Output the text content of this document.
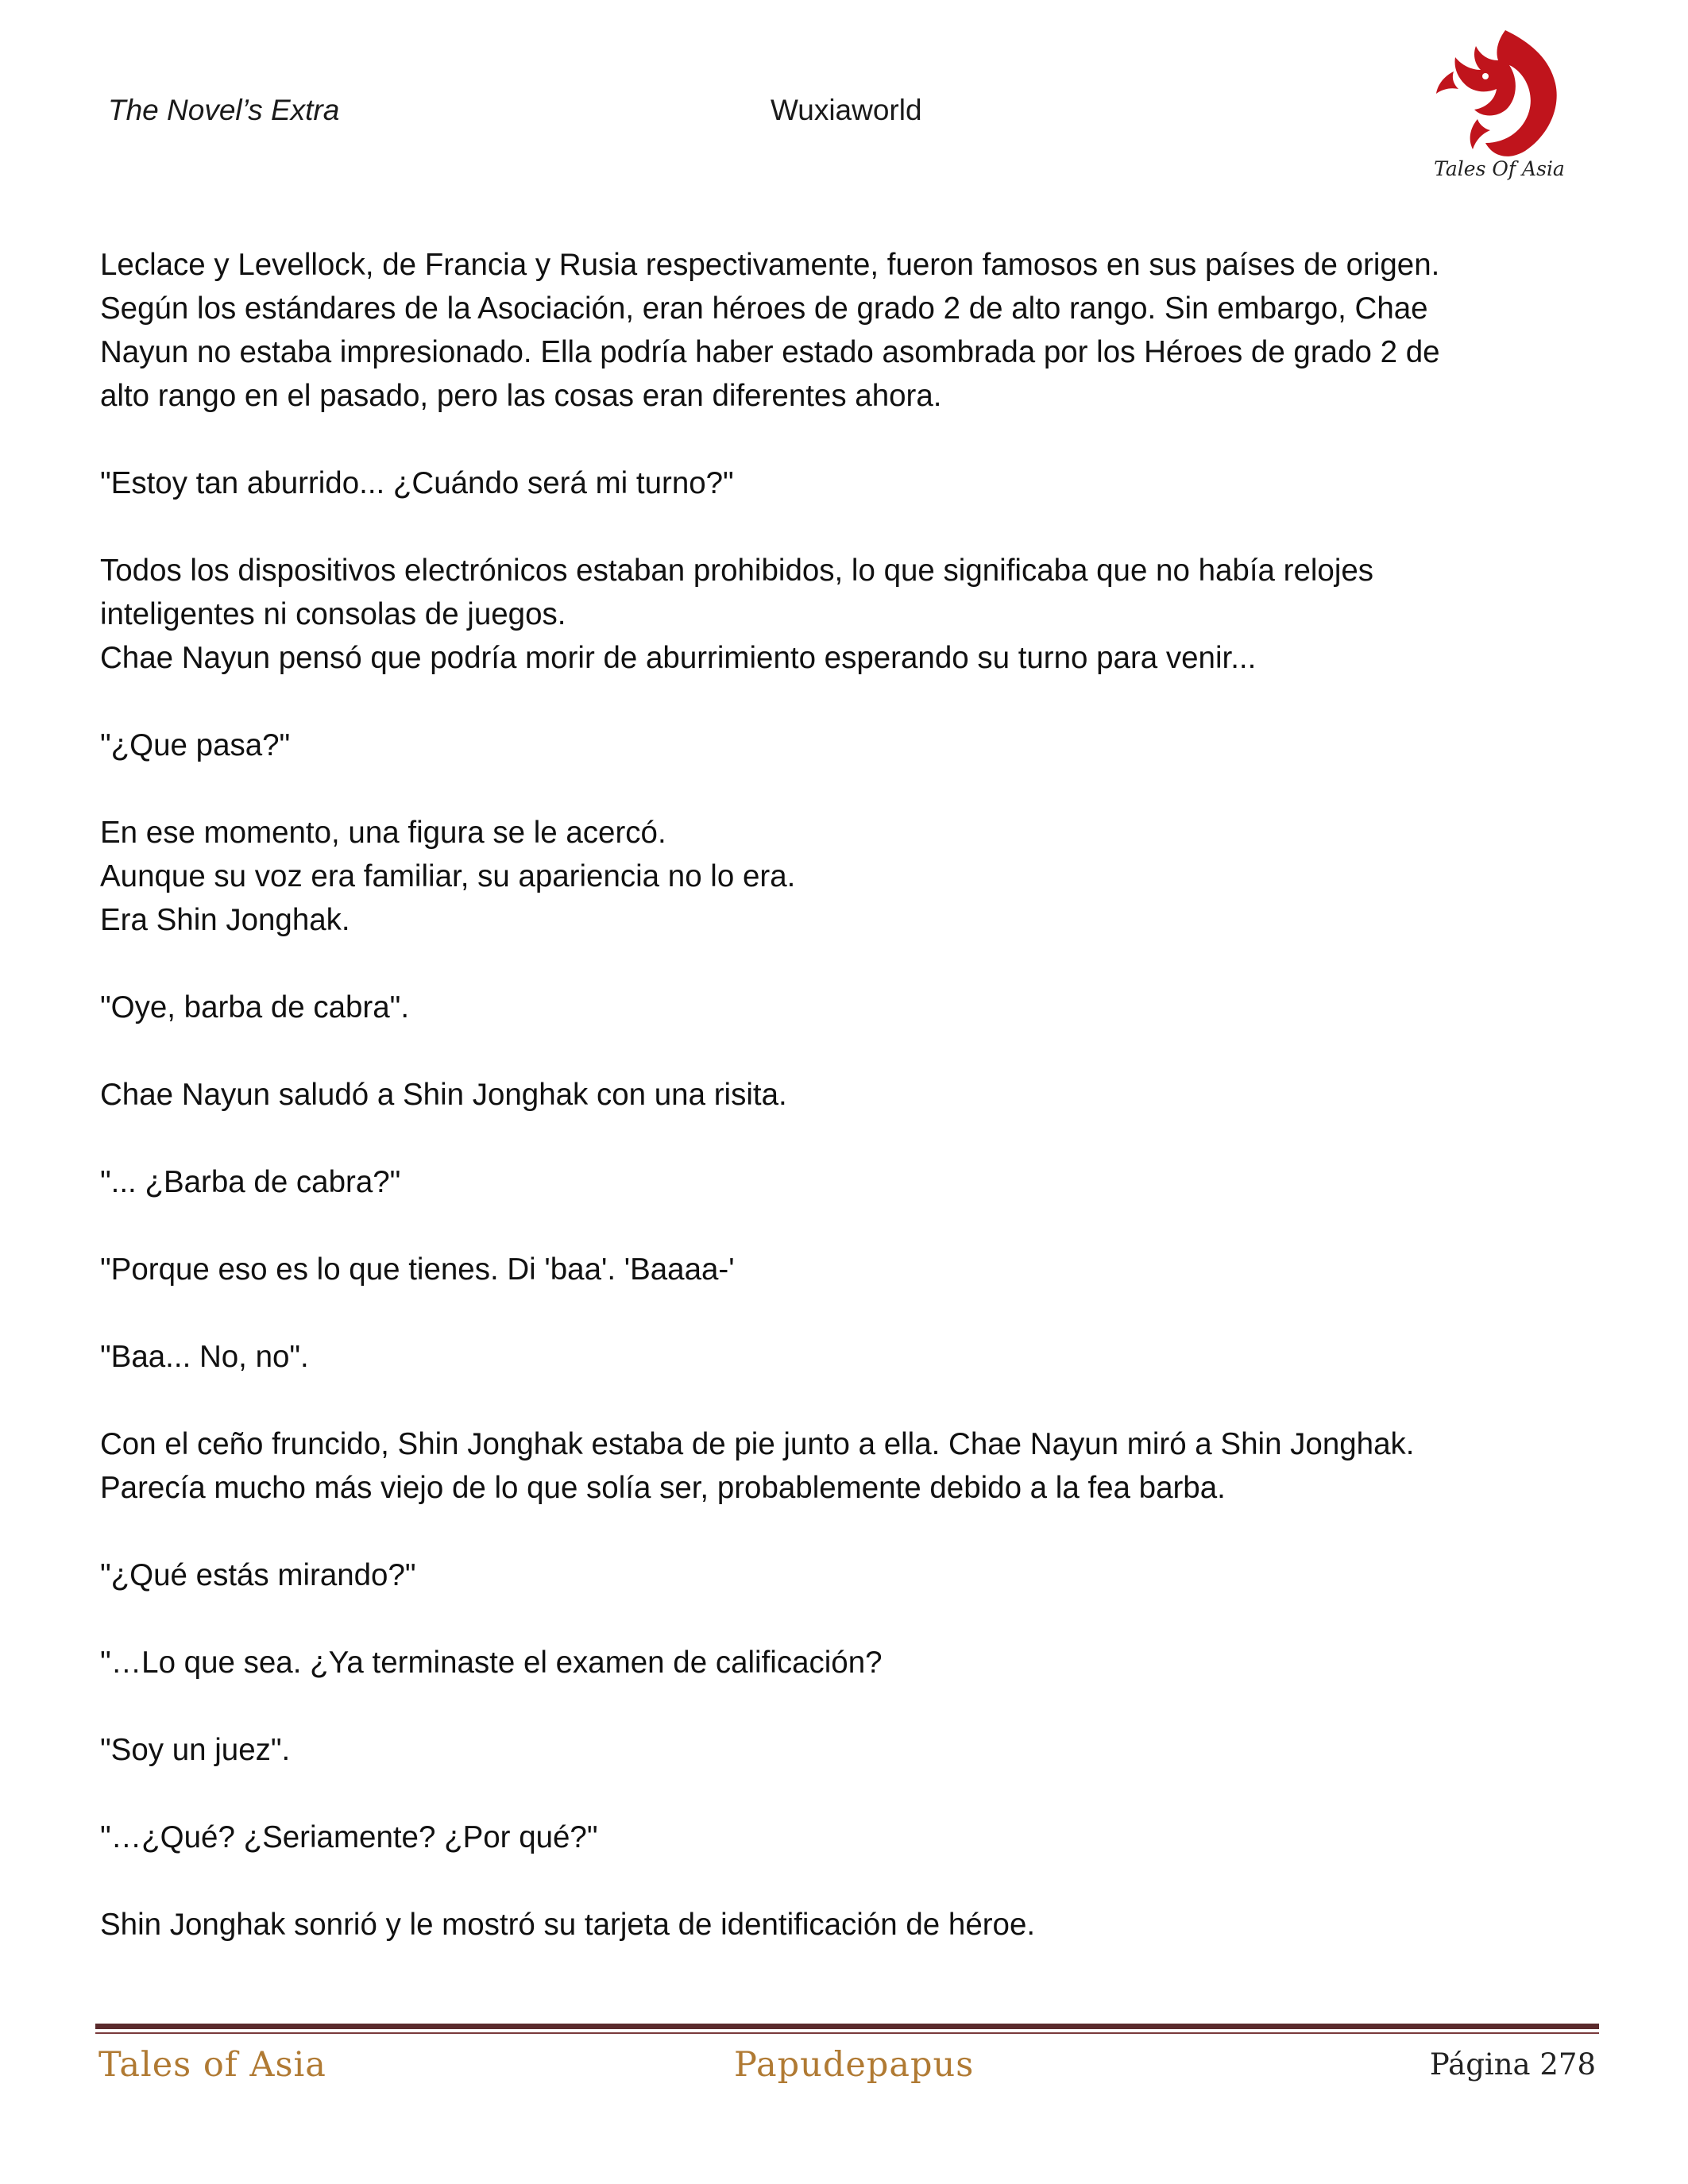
The Novel’s Extra	Wuxiaworld
Tales Of Asia

Leclace y Levellock, de Francia y Rusia respectivamente, fueron famosos en sus países de origen.

Según los estándares de la Asociación, eran héroes de grado 2 de alto rango. Sin embargo, Chae

Nayun no estaba impresionado. Ella podría haber estado asombrada por los Héroes de grado 2 de

alto rango en el pasado, pero las cosas eran diferentes ahora.

"Estoy tan aburrido... ¿Cuándo será mi turno?"

Todos los dispositivos electrónicos estaban prohibidos, lo que significaba que no había relojes

inteligentes ni consolas de juegos.

Chae Nayun pensó que podría morir de aburrimiento esperando su turno para venir...

"¿Que pasa?"

En ese momento, una figura se le acercó.

Aunque su voz era familiar, su apariencia no lo era.

Era Shin Jonghak.

"Oye, barba de cabra".

Chae Nayun saludó a Shin Jonghak con una risita.

"... ¿Barba de cabra?"

"Porque eso es lo que tienes. Di 'baa'. 'Baaaa-'

"Baa... No, no".

Con el ceño fruncido, Shin Jonghak estaba de pie junto a ella. Chae Nayun miró a Shin Jonghak.

Parecía mucho más viejo de lo que solía ser, probablemente debido a la fea barba.

"¿Qué estás mirando?"

"…Lo que sea. ¿Ya terminaste el examen de calificación?

"Soy un juez".

"…¿Qué? ¿Seriamente? ¿Por qué?"

Shin Jonghak sonrió y le mostró su tarjeta de identificación de héroe.

Tales of Asia	Papudepapus	Página 278
